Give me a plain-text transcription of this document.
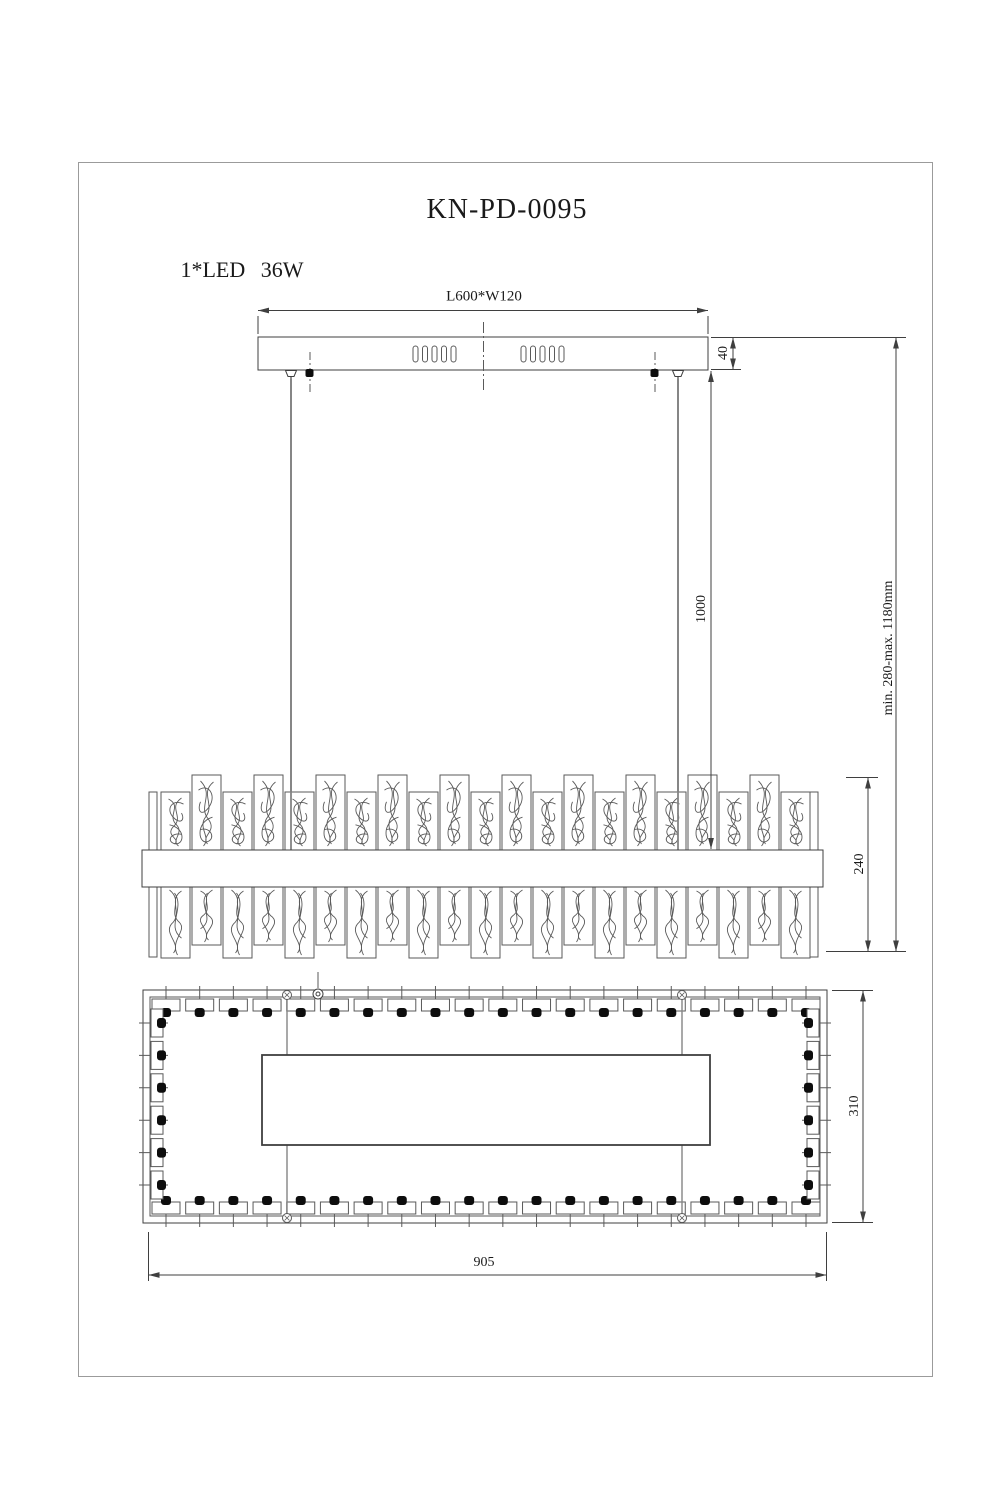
KN-PD-0095
1*LED 36W
L600*W120
40
1000	min. 280-max. 1180mm
240
310
905
